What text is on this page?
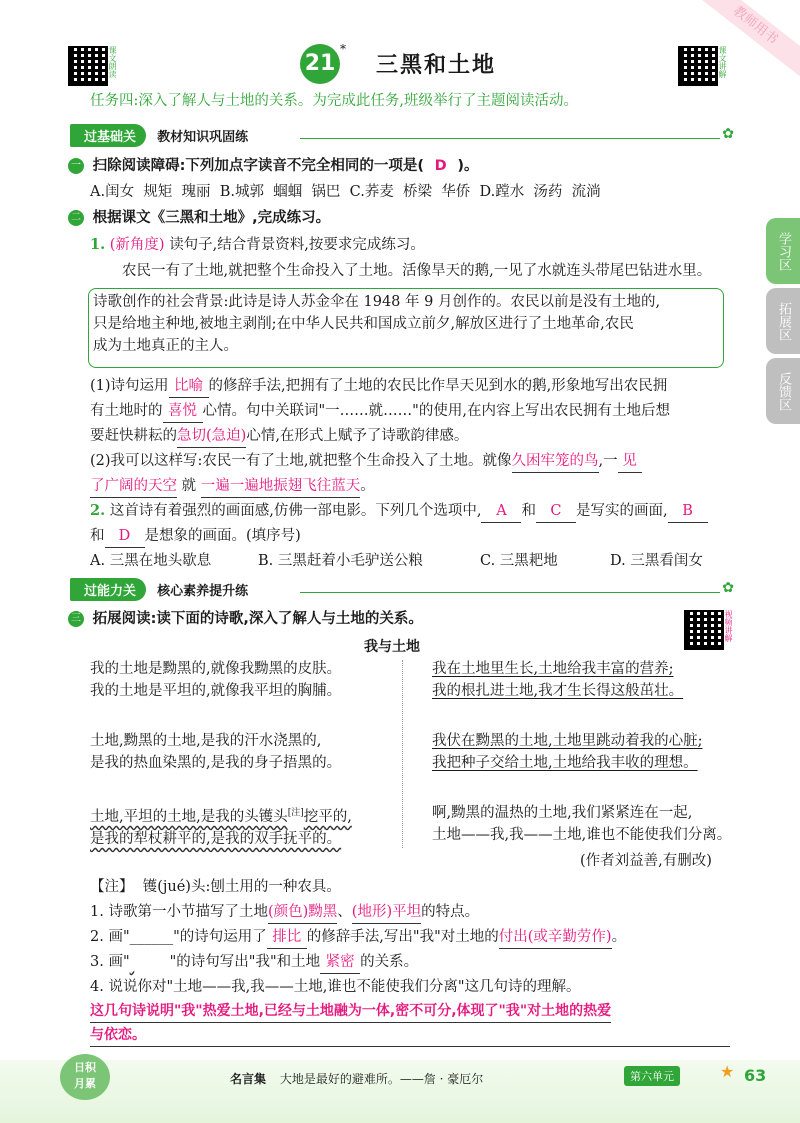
教师用书
课文朗读	课文讲解
21
*
三黑和土地
任务四:深入了解人与土地的关系。为完成此任务,班级举行了主题阅读活动。
过基础关 教材知识巩固练	✿
一 扫除阅读障碍:下列加点字读音不完全相同的一项是( D )。
A.闺女  规矩  瑰丽  B.城郭  蝈蝈  锅巴  C.荞麦  桥梁  华侨  D.蹚水  汤药  流淌
二 根据课文《三黑和土地》,完成练习。
1. (新角度) 读句子,结合背景资料,按要求完成练习。
农民一有了土地,就把整个生命投入了土地。活像旱天的鹅,一见了水就连头带尾巴钻进水里。
诗歌创作的社会背景:此诗是诗人苏金伞在 1948 年 9 月创作的。农民以前是没有土地的,
只是给地主种地,被地主剥削;在中华人民共和国成立前夕,解放区进行了土地革命,农民
成为土地真正的主人。
(1)诗句运用 比喻 的修辞手法,把拥有了土地的农民比作旱天见到水的鹅,形象地写出农民拥
有土地时的 喜悦 心情。句中关联词"一……就……"的使用,在内容上写出农民拥有土地后想
要赶快耕耘的急切(急迫)心情,在形式上赋予了诗歌韵律感。
(2)我可以这样写:农民一有了土地,就把整个生命投入了土地。就像久困牢笼的鸟,一 见
了广阔的天空 就 一遍一遍地振翅飞往蓝天。
2. 这首诗有着强烈的画面感,仿佛一部电影。下列几个选项中, A 和 C 是写实的画面, B
和 D 是想象的画面。(填序号)
A. 三黑在地头歇息	B. 三黑赶着小毛驴送公粮	C. 三黑耙地	D. 三黑看闺女
过能力关 核心素养提升练	✿
三 拓展阅读:读下面的诗歌,深入了解人与土地的关系。	视频讲解
我与土地
我的土地是黝黑的,就像我黝黑的皮肤。
我的土地是平坦的,就像我平坦的胸脯。
土地,黝黑的土地,是我的汗水浇黑的,
是我的热血染黑的,是我的身子捂黑的。
土地,平坦的土地,是我的头镬头[注]挖平的,
是我的犁杖耕平的,是我的双手抚平的。
我在土地里生长,土地给我丰富的营养;
我的根扎进土地,我才生长得这般茁壮。
我伏在黝黑的土地,土地里跳动着我的心脏;
我把种子交给土地,土地给我丰收的理想。
啊,黝黑的温热的土地,我们紧紧连在一起,
土地——我,我——土地,谁也不能使我们分离。
(作者刘益善,有删改)
【注】  镬(jué)头:刨土用的一种农具。
1. 诗歌第一小节描写了土地(颜色)黝黑、(地形)平坦的特点。
2. 画"______"的诗句运用了 排比 的修辞手法,写出"我"对土地的付出(或辛勤劳作)。
3. 画"	"的诗句写出"我"和土地 紧密 的关系。
4. 说说你对"土地——我,我——土地,谁也不能使我们分离"这几句诗的理解。
这几句诗说明"我"热爱土地,已经与土地融为一体,密不可分,体现了"我"对土地的热爱
与依恋。
学习区
拓展区
反馈区
日积
月累	名言集 大地是最好的避难所。——詹 · 豪厄尔	第六单元	★ 63
